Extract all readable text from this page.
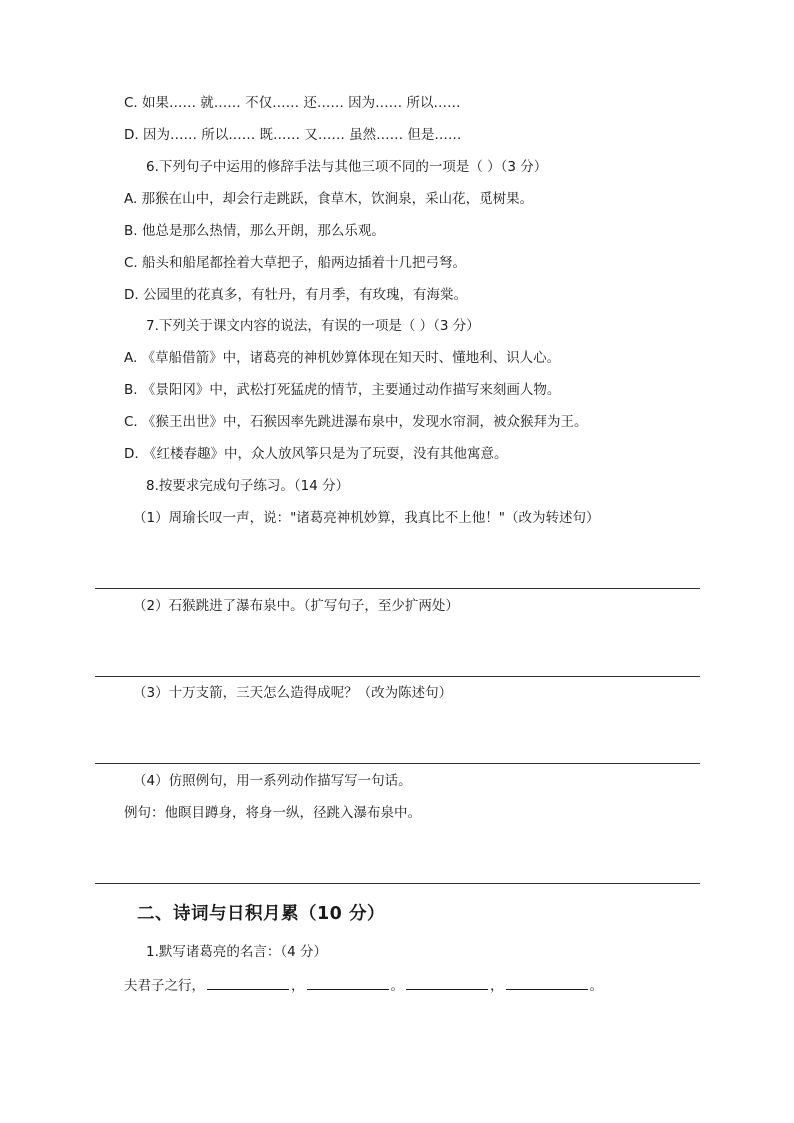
C. 如果…… 就…… 不仅…… 还…… 因为…… 所以……
D. 因为…… 所以…… 既…… 又…… 虽然…… 但是……
6.下列句子中运用的修辞手法与其他三项不同的一项是（ ）（3 分）
A. 那猴在山中，却会行走跳跃，食草木，饮涧泉，采山花，觅树果。
B. 他总是那么热情，那么开朗，那么乐观。
C. 船头和船尾都拴着大草把子，船两边插着十几把弓弩。
D. 公园里的花真多，有牡丹，有月季，有玫瑰，有海棠。
7.下列关于课文内容的说法，有误的一项是（ ）（3 分）
A. 《草船借箭》中，诸葛亮的神机妙算体现在知天时、懂地利、识人心。
B. 《景阳冈》中，武松打死猛虎的情节，主要通过动作描写来刻画人物。
C. 《猴王出世》中，石猴因率先跳进瀑布泉中，发现水帘洞，被众猴拜为王。
D. 《红楼春趣》中，众人放风筝只是为了玩耍，没有其他寓意。
8.按要求完成句子练习。（14 分）
（1）周瑜长叹一声，说："诸葛亮神机妙算，我真比不上他！"（改为转述句）
（2）石猴跳进了瀑布泉中。（扩写句子，至少扩两处）
（3）十万支箭，三天怎么造得成呢？（改为陈述句）
（4）仿照例句，用一系列动作描写写一句话。
例句：他瞑目蹲身，将身一纵，径跳入瀑布泉中。
二、诗词与日积月累（10 分）
1.默写诸葛亮的名言：（4 分）
夫君子之行，	，	。	，	。
